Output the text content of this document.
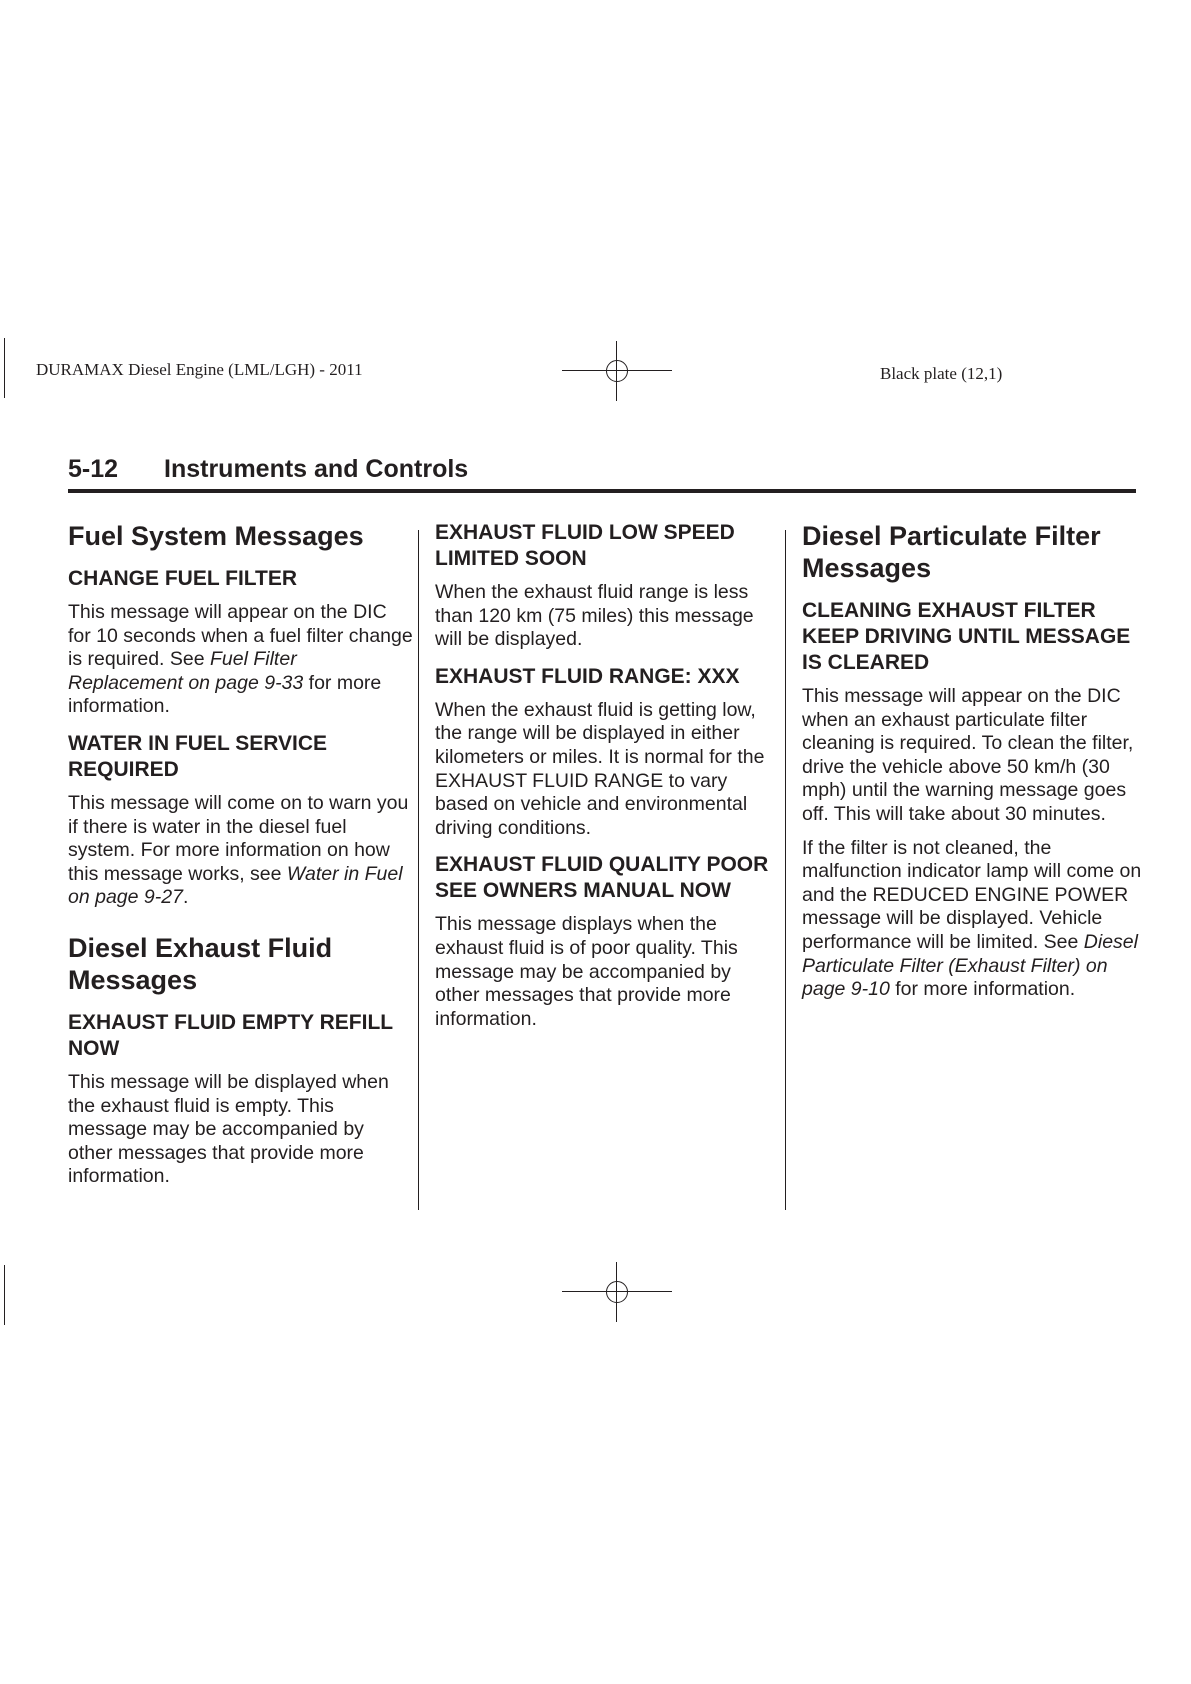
DURAMAX Diesel Engine (LML/LGH) - 2011	Black plate (12,1)
5-12 Instruments and Controls
Fuel System Messages
CHANGE FUEL FILTER

This message will appear on the DIC for 10 seconds when a fuel filter change is required. See Fuel Filter Replacement on page 9-33 for more information.

WATER IN FUEL SERVICE REQUIRED

This message will come on to warn you if there is water in the diesel fuel system. For more information on how this message works, see Water in Fuel on page 9-27.

Diesel Exhaust Fluid Messages
EXHAUST FLUID EMPTY REFILL NOW

This message will be displayed when the exhaust fluid is empty. This message may be accompanied by other messages that provide more information.

EXHAUST FLUID LOW SPEED LIMITED SOON

When the exhaust fluid range is less than 120 km (75 miles) this message will be displayed.

EXHAUST FLUID RANGE: XXX

When the exhaust fluid is getting low, the range will be displayed in either kilometers or miles. It is normal for the EXHAUST FLUID RANGE to vary based on vehicle and environmental driving conditions.

EXHAUST FLUID QUALITY POOR SEE OWNERS MANUAL NOW

This message displays when the exhaust fluid is of poor quality. This message may be accompanied by other messages that provide more information.

Diesel Particulate Filter Messages
CLEANING EXHAUST FILTER KEEP DRIVING UNTIL MESSAGE IS CLEARED

This message will appear on the DIC when an exhaust particulate filter cleaning is required. To clean the filter, drive the vehicle above 50 km/h (30 mph) until the warning message goes off. This will take about 30 minutes.

If the filter is not cleaned, the malfunction indicator lamp will come on and the REDUCED ENGINE POWER message will be displayed. Vehicle performance will be limited. See Diesel Particulate Filter (Exhaust Filter) on page 9-10 for more information.
